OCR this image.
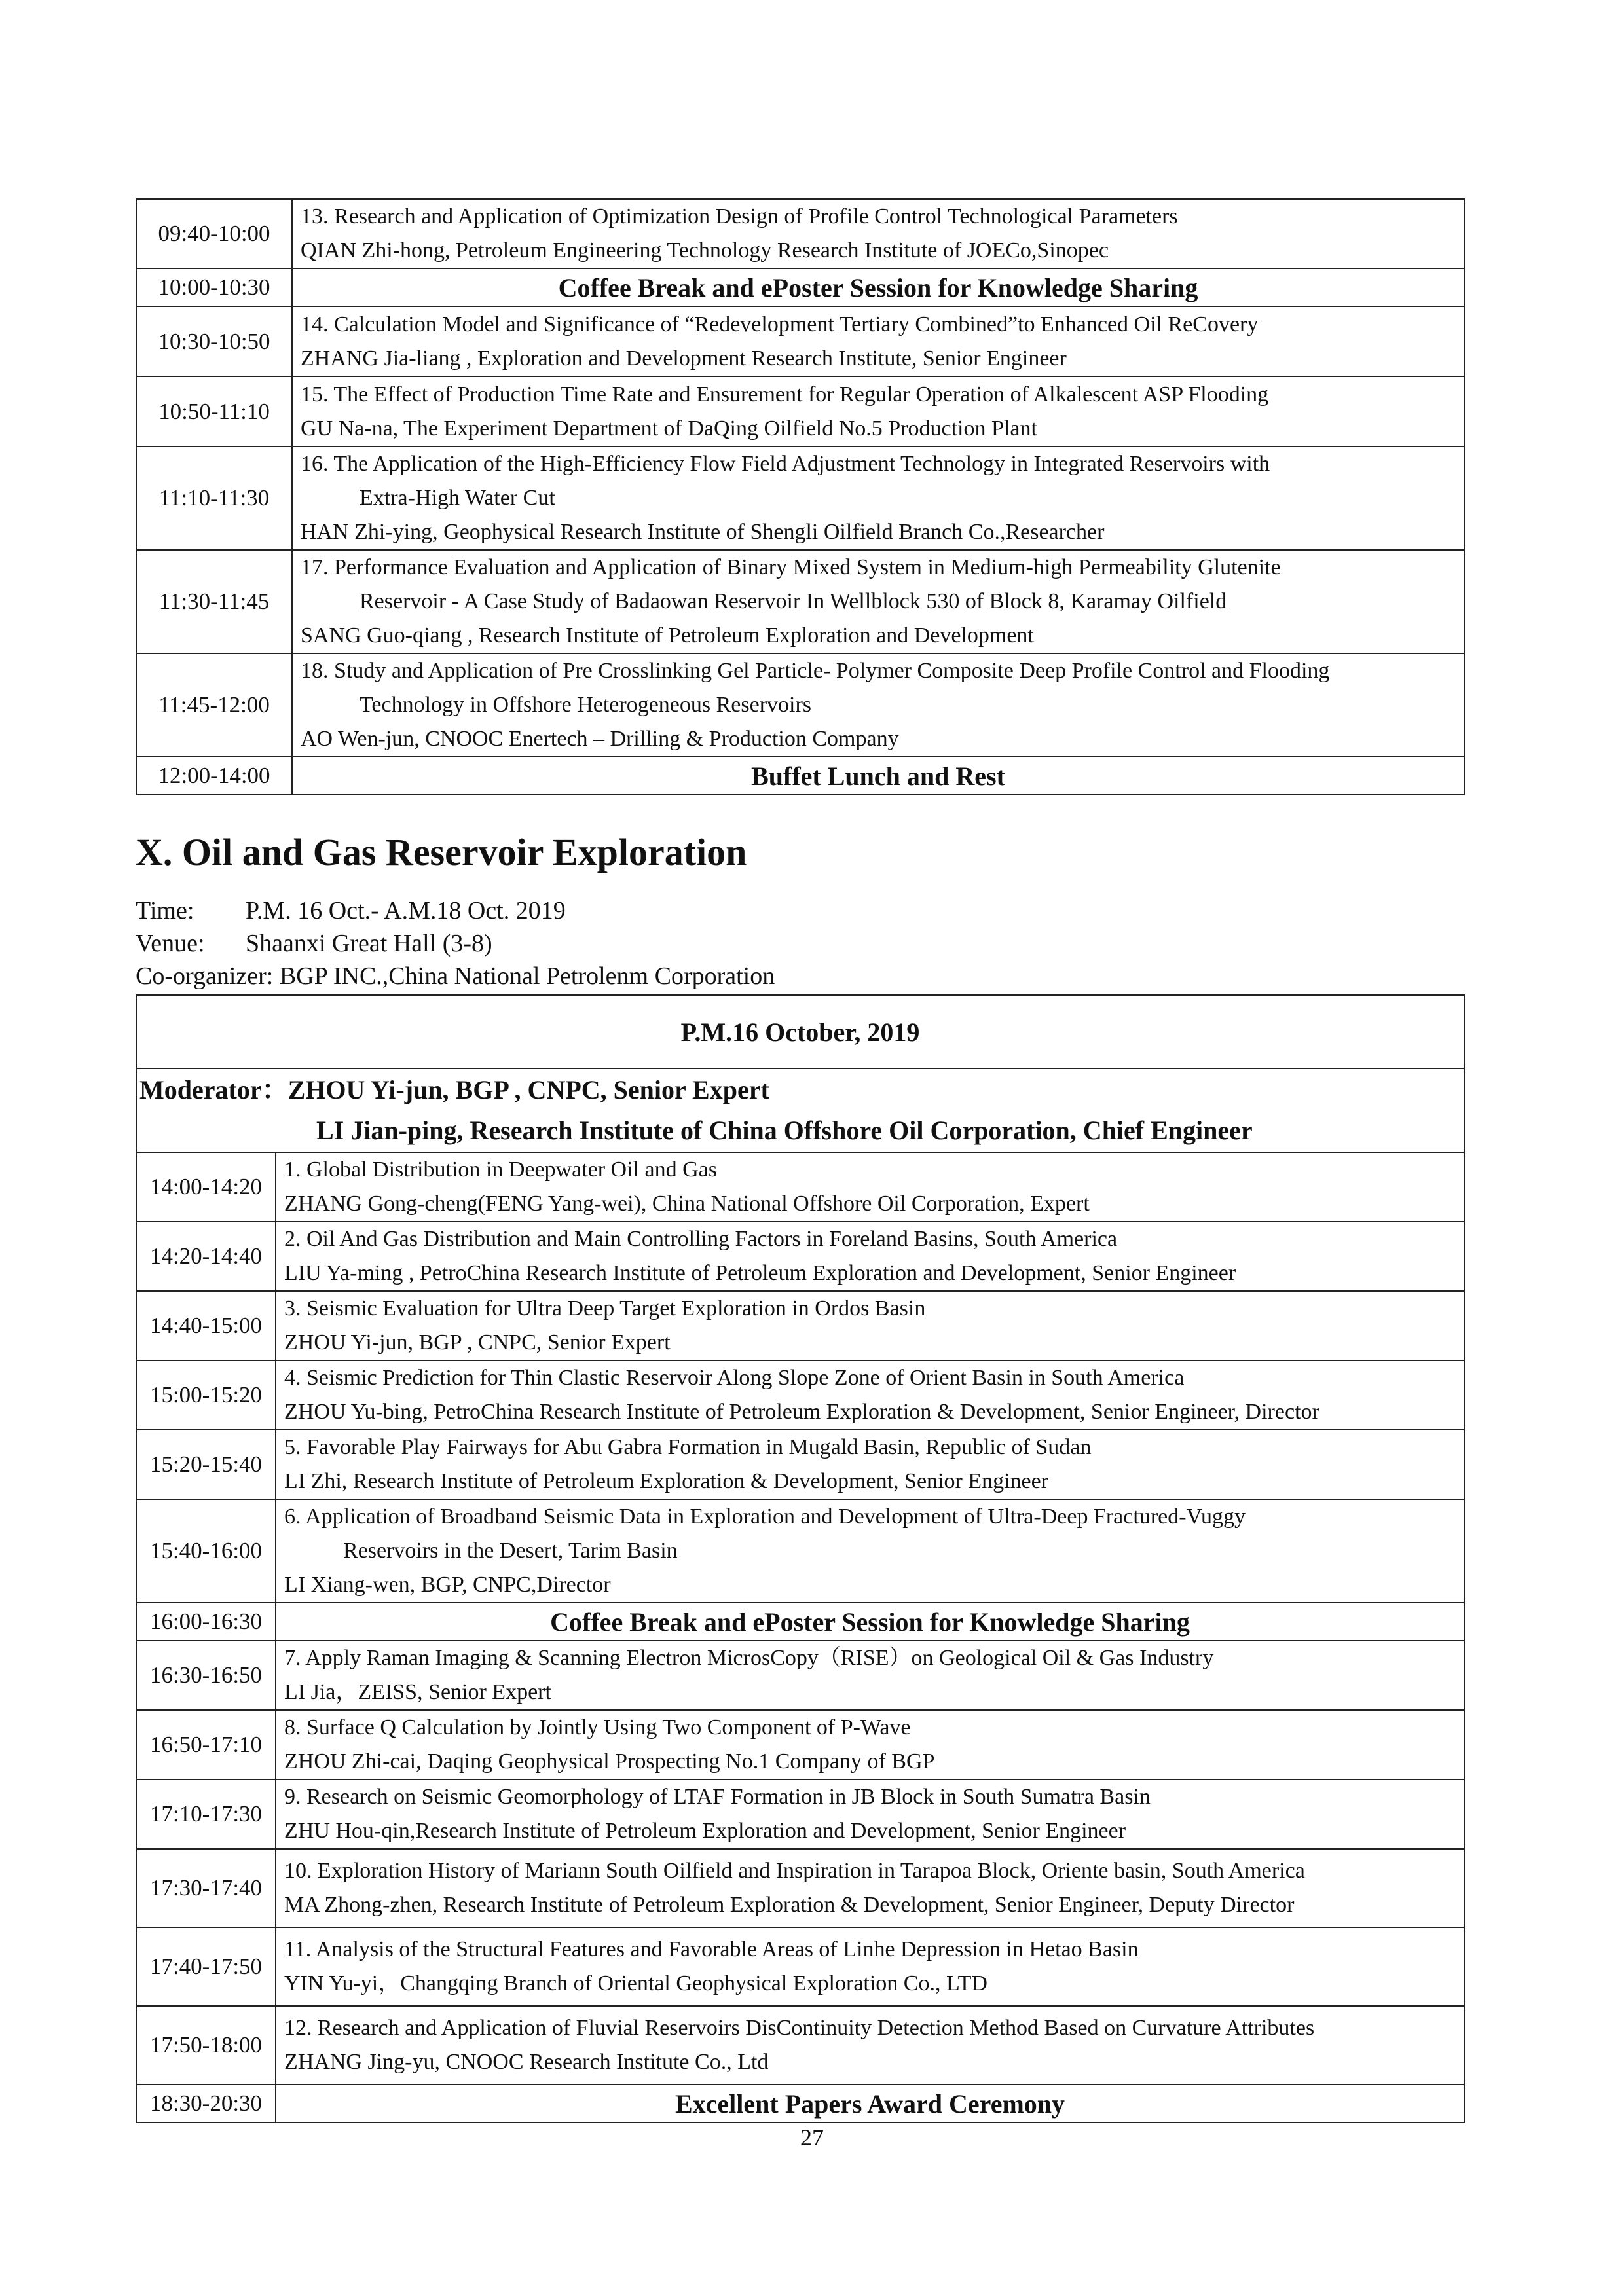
09:40-10:00	13. Research and Application of Optimization Design of Profile Control Technological Parameters
QIAN Zhi-hong, Petroleum Engineering Technology Research Institute of JOECo,Sinopec

10:00-10:30	Coffee Break and ePoster Session for Knowledge Sharing
10:30-10:50	14. Calculation Model and Significance of “Redevelopment Tertiary Combined”to Enhanced Oil ReCovery
ZHANG Jia-liang , Exploration and Development Research Institute, Senior Engineer

10:50-11:10	15. The Effect of Production Time Rate and Ensurement for Regular Operation of Alkalescent ASP Flooding
GU Na-na, The Experiment Department of DaQing Oilfield No.5 Production Plant

11:10-11:30	16. The Application of the High-Efficiency Flow Field Adjustment Technology in Integrated Reservoirs with
Extra-High Water Cut
HAN Zhi-ying, Geophysical Research Institute of Shengli Oilfield Branch Co.,Researcher

11:30-11:45	17. Performance Evaluation and Application of Binary Mixed System in Medium-high Permeability Glutenite
Reservoir - A Case Study of Badaowan Reservoir In Wellblock 530 of Block 8, Karamay Oilfield
SANG Guo-qiang , Research Institute of Petroleum Exploration and Development

11:45-12:00	18. Study and Application of Pre Crosslinking Gel Particle- Polymer Composite Deep Profile Control and Flooding
Technology in Offshore Heterogeneous Reservoirs
AO Wen-jun, CNOOC Enertech – Drilling & Production Company

12:00-14:00	Buffet Lunch and Rest
X. Oil and Gas Reservoir Exploration
Time: P.M. 16 Oct.- A.M.18 Oct. 2019
Venue: Shaanxi Great Hall (3-8)
Co-organizer: BGP INC.,China National Petrolenm Corporation
P.M.16 October, 2019	

Moderator：ZHOU Yi-jun, BGP , CNPC, Senior Expert
LI Jian-ping, Research Institute of China Offshore Oil Corporation, Chief Engineer	

14:00-14:20	1. Global Distribution in Deepwater Oil and Gas
ZHANG Gong-cheng(FENG Yang-wei), China National Offshore Oil Corporation, Expert

14:20-14:40	2. Oil And Gas Distribution and Main Controlling Factors in Foreland Basins, South America
LIU Ya-ming , PetroChina Research Institute of Petroleum Exploration and Development, Senior Engineer

14:40-15:00	3. Seismic Evaluation for Ultra Deep Target Exploration in Ordos Basin
ZHOU Yi-jun, BGP , CNPC, Senior Expert

15:00-15:20	4. Seismic Prediction for Thin Clastic Reservoir Along Slope Zone of Orient Basin in South America
ZHOU Yu-bing, PetroChina Research Institute of Petroleum Exploration & Development, Senior Engineer, Director

15:20-15:40	5. Favorable Play Fairways for Abu Gabra Formation in Mugald Basin, Republic of Sudan
LI Zhi, Research Institute of Petroleum Exploration & Development, Senior Engineer

15:40-16:00	6. Application of Broadband Seismic Data in Exploration and Development of Ultra-Deep Fractured-Vuggy
Reservoirs in the Desert, Tarim Basin
LI Xiang-wen, BGP, CNPC,Director

16:00-16:30	Coffee Break and ePoster Session for Knowledge Sharing
16:30-16:50	7. Apply Raman Imaging & Scanning Electron MicrosCopy（RISE）on Geological Oil & Gas Industry
LI Jia，ZEISS, Senior Expert

16:50-17:10	8. Surface Q Calculation by Jointly Using Two Component of P-Wave
ZHOU Zhi-cai, Daqing Geophysical Prospecting No.1 Company of BGP

17:10-17:30	9. Research on Seismic Geomorphology of LTAF Formation in JB Block in South Sumatra Basin
ZHU Hou-qin,Research Institute of Petroleum Exploration and Development, Senior Engineer

17:30-17:40	10. Exploration History of Mariann South Oilfield and Inspiration in Tarapoa Block, Oriente basin, South America
MA Zhong-zhen, Research Institute of Petroleum Exploration & Development, Senior Engineer, Deputy Director

17:40-17:50	11. Analysis of the Structural Features and Favorable Areas of Linhe Depression in Hetao Basin
YIN Yu-yi，Changqing Branch of Oriental Geophysical Exploration Co., LTD

17:50-18:00	12. Research and Application of Fluvial Reservoirs DisContinuity Detection Method Based on Curvature Attributes
ZHANG Jing-yu, CNOOC Research Institute Co., Ltd

18:30-20:30	Excellent Papers Award Ceremony
27
